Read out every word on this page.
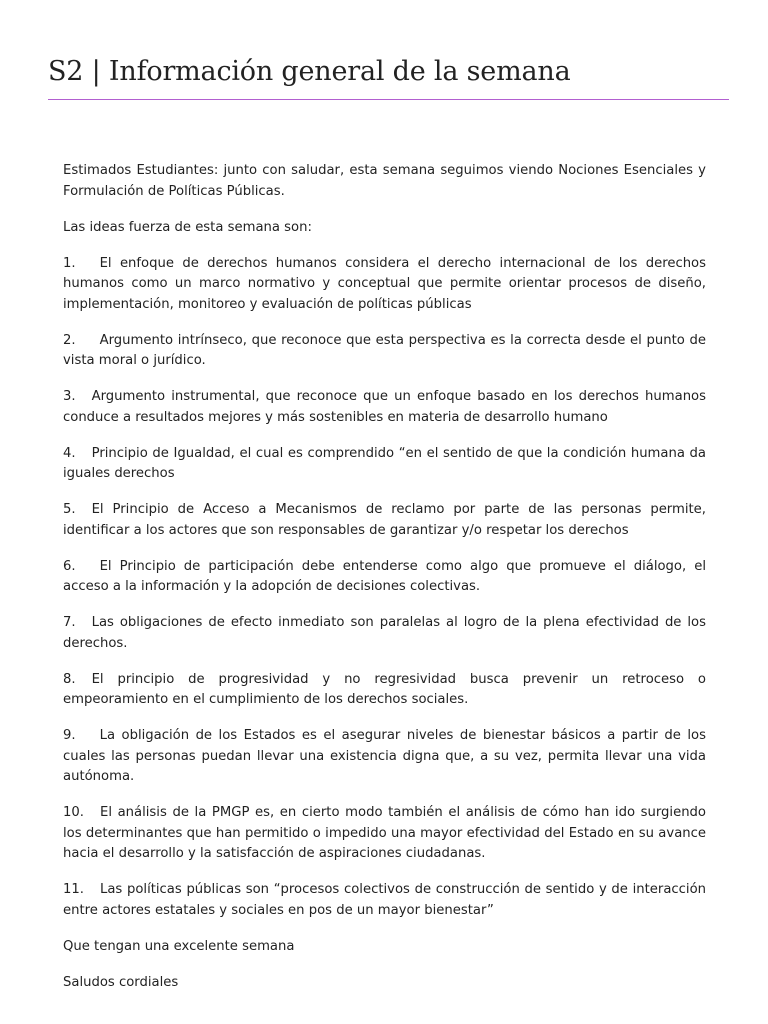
S2 | Información general de la semana

Estimados Estudiantes: junto con saludar, esta semana seguimos viendo Nociones Esenciales y Formulación de Políticas Públicas.

Las ideas fuerza de esta semana son:

1. El enfoque de derechos humanos considera el derecho internacional de los derechos humanos como un marco normativo y conceptual que permite orientar procesos de diseño, implementación, monitoreo y evaluación de políticas públicas

2. Argumento intrínseco, que reconoce que esta perspectiva es la correcta desde el punto de vista moral o jurídico.

3. Argumento instrumental, que reconoce que un enfoque basado en los derechos humanos conduce a resultados mejores y más sostenibles en materia de desarrollo humano

4. Principio de Igualdad, el cual es comprendido “en el sentido de que la condición humana da iguales derechos

5. El Principio de Acceso a Mecanismos de reclamo por parte de las personas permite, identificar a los actores que son responsables de garantizar y/o respetar los derechos

6. El Principio de participación debe entenderse como algo que promueve el diálogo, el acceso a la información y la adopción de decisiones colectivas.

7. Las obligaciones de efecto inmediato son paralelas al logro de la plena efectividad de los derechos.

8. El principio de progresividad y no regresividad busca prevenir un retroceso o empeoramiento en el cumplimiento de los derechos sociales.

9. La obligación de los Estados es el asegurar niveles de bienestar básicos a partir de los cuales las personas puedan llevar una existencia digna que, a su vez, permita llevar una vida autónoma.

10. El análisis de la PMGP es, en cierto modo también el análisis de cómo han ido surgiendo los determinantes que han permitido o impedido una mayor efectividad del Estado en su avance hacia el desarrollo y la satisfacción de aspiraciones ciudadanas.

11. Las políticas públicas son “procesos colectivos de construcción de sentido y de interacción entre actores estatales y sociales en pos de un mayor bienestar”

Que tengan una excelente semana

Saludos cordiales
